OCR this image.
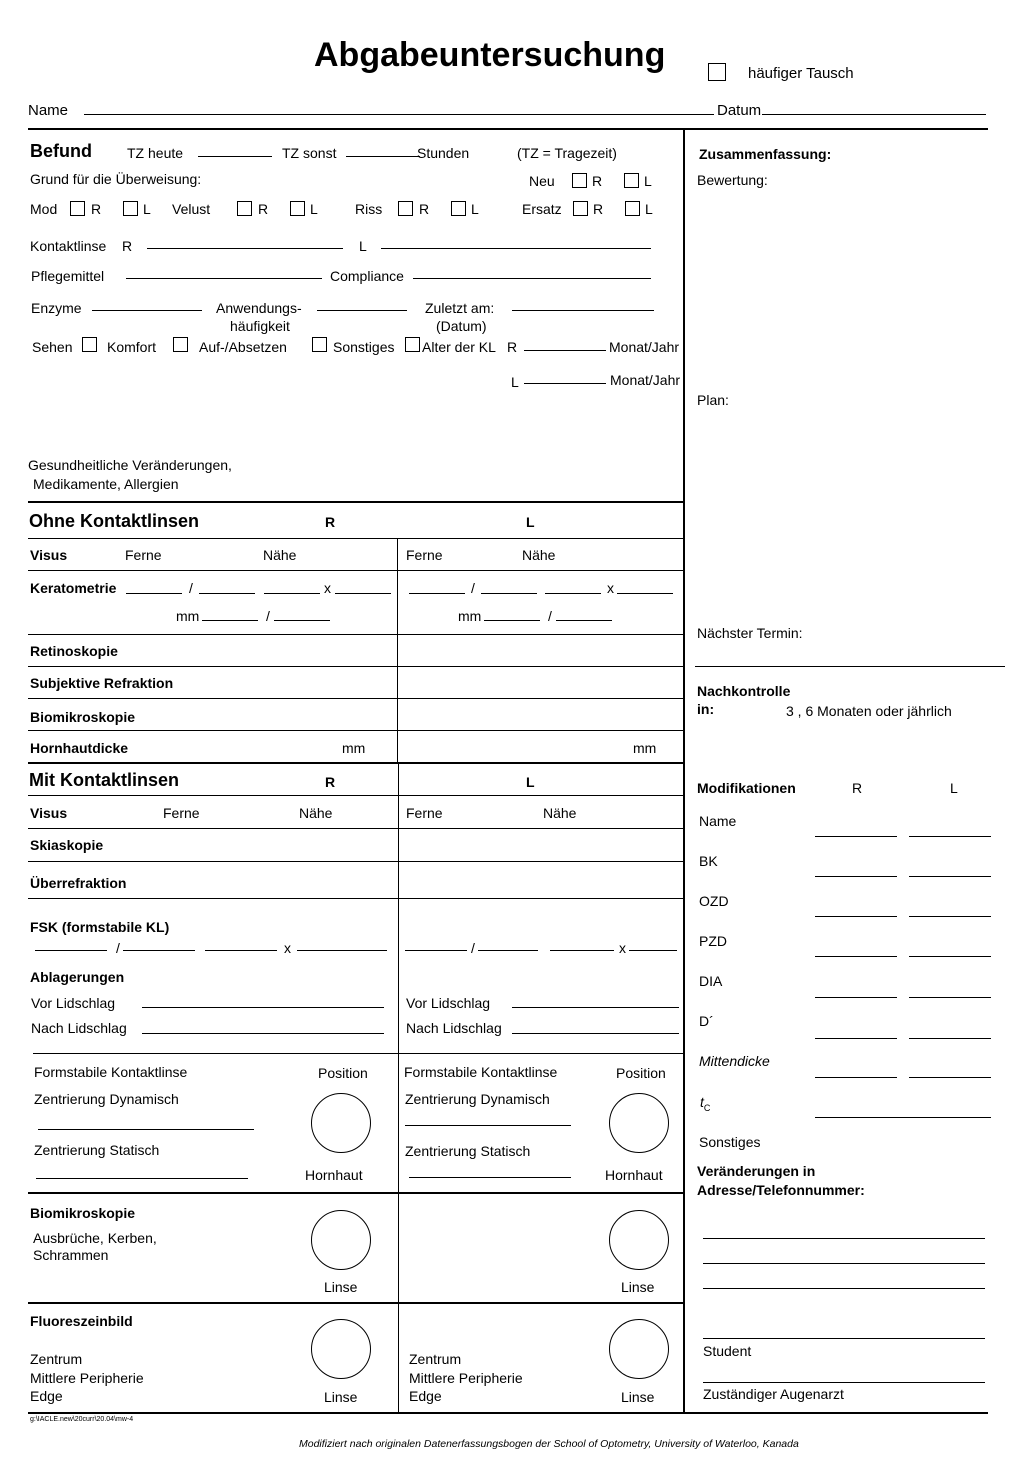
Abgabeuntersuchung	häufiger Tausch
Name	Datum
Befund	TZ heute	TZ sonst	Stunden	(TZ = Tragezeit)
Grund für die Überweisung:	Neu	R	L
Mod R	L Velust	R	L	Riss	R	L	Ersatz R	L
Kontaktlinse R	L
Pflegemittel	Compliance
Enzyme	Anwendungs-
häufigkeit
Zuletzt am:
(Datum)
Sehen Komfort	Auf-/Absetzen	Sonstiges Alter der KL R	Monat/Jahr
L	Monat/Jahr
Gesundheitliche Veränderungen,
Medikamente, Allergien
Ohne Kontaktlinsen	R	L
Visus	Ferne	Nähe	Ferne	Nähe
Keratometrie	/	x	/	x
mm	/	mm	/
Retinoskopie
Subjektive Refraktion
Biomikroskopie
Hornhautdicke	mm	mm
Mit Kontaktlinsen	R	L
Visus	Ferne	Nähe	Ferne	Nähe
Skiaskopie
Überrefraktion
FSK (formstabile KL)
/	x	/	x
Ablagerungen
Vor Lidschlag	Vor Lidschlag
Nach Lidschlag	Nach Lidschlag
Formstabile Kontaktlinse	Position
Zentrierung Dynamisch
Zentrierung Statisch
Hornhaut
Formstabile Kontaktlinse	Position
Zentrierung Dynamisch
Zentrierung Statisch
Hornhaut
Biomikroskopie
Ausbrüche, Kerben,
Schrammen
Linse	Linse
Fluoreszeinbild
Zentrum
Mittlere Peripherie
Edge	Linse
Zentrum
Mittlere Peripherie
Edge	Linse
Zusammenfassung:
Bewertung:
Plan:
Nächster Termin:
Nachkontrolle
in:	3 , 6 Monaten oder jährlich
Modifikationen	R	L
Name
BK
OZD
PZD
DIA
D´
Mittendicke
$t_C$
Sonstiges
Veränderungen in
Adresse/Telefonnummer:
Student
Zuständiger Augenarzt
g:\IACLE.new\20curr\20.04\mw-4
Modifiziert nach originalen Datenerfassungsbogen der School of Optometry, University of Waterloo, Kanada
